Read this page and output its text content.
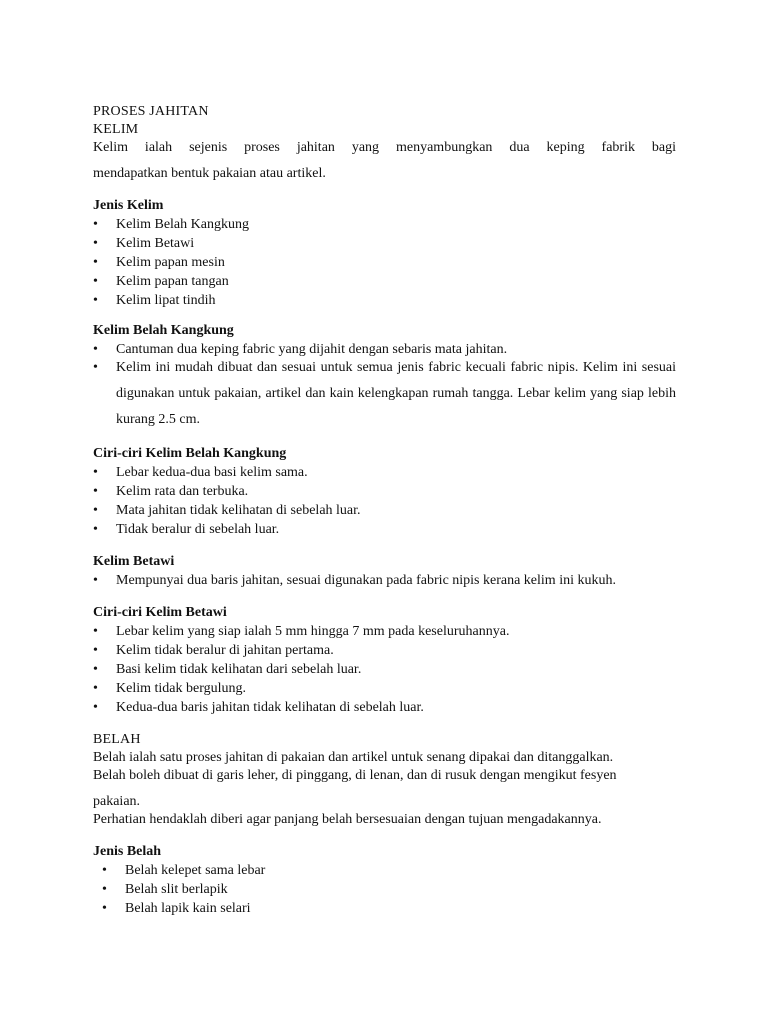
PROSES JAHITAN

KELIM

Kelim ialah sejenis proses jahitan yang menyambungkan dua keping fabrik bagi

mendapatkan bentuk pakaian atau artikel.

Jenis Kelim

• Kelim Belah Kangkung
• Kelim Betawi
• Kelim papan mesin
• Kelim papan tangan
• Kelim lipat tindih

Kelim Belah Kangkung

• Cantuman dua keping fabric yang dijahit dengan sebaris mata jahitan.
• Kelim ini mudah dibuat dan sesuai untuk semua jenis fabric kecuali fabric nipis. Kelim ini sesuai digunakan untuk pakaian, artikel dan kain kelengkapan rumah tangga. Lebar kelim yang siap lebih kurang 2.5 cm.

Ciri-ciri Kelim Belah Kangkung

• Lebar kedua-dua basi kelim sama.
• Kelim rata dan terbuka.
• Mata jahitan tidak kelihatan di sebelah luar.
• Tidak beralur di sebelah luar.

Kelim Betawi

• Mempunyai dua baris jahitan, sesuai digunakan pada fabric nipis kerana kelim ini kukuh.

Ciri-ciri Kelim Betawi

• Lebar kelim yang siap ialah 5 mm hingga 7 mm pada keseluruhannya.
• Kelim tidak beralur di jahitan pertama.
• Basi kelim tidak kelihatan dari sebelah luar.
• Kelim tidak bergulung.
• Kedua-dua baris jahitan tidak kelihatan di sebelah luar.

BELAH

Belah ialah satu proses jahitan di pakaian dan artikel untuk senang dipakai dan ditanggalkan.

Belah boleh dibuat di garis leher, di pinggang, di lenan, dan di rusuk dengan mengikut fesyen

pakaian.

Perhatian hendaklah diberi agar panjang belah bersesuaian dengan tujuan mengadakannya.

Jenis Belah

• Belah kelepet sama lebar
• Belah slit berlapik
• Belah lapik kain selari
